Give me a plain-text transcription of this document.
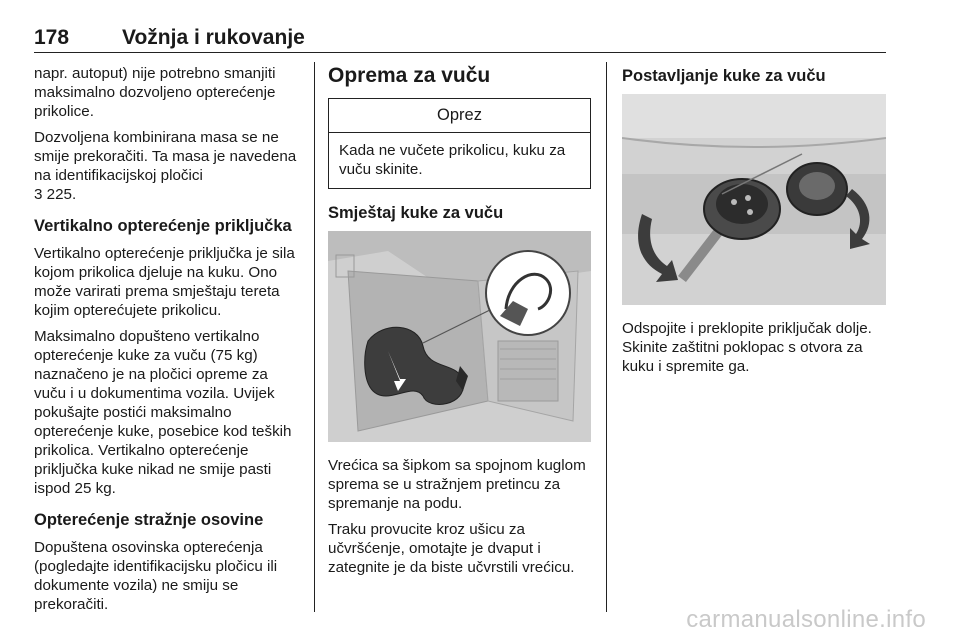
178	Vožnja i rukovanje

napr. autoput) nije potrebno smanjiti maksimalno dozvoljeno opterećenje prikolice.

Dozvoljena kombinirana masa se ne smije prekoračiti. Ta masa je navedena na identifikacijskoj pločici
3 225.

Vertikalno opterećenje priključka

Vertikalno opterećenje priključka je sila kojom prikolica djeluje na kuku. Ono može varirati prema smještaju tereta kojim opterećujete prikolicu.

Maksimalno dopušteno vertikalno opterećenje kuke za vuču (75 kg) naznačeno je na pločici opreme za vuču i u dokumentima vozila. Uvijek pokušajte postići maksimalno opterećenje kuke, posebice kod teških prikolica. Vertikalno opterećenje priključka kuke nikad ne smije pasti ispod 25 kg.

Opterećenje stražnje osovine

Dopuštena osovinska opterećenja (pogledajte identifikacijsku pločicu ili dokumente vozila) ne smiju se prekoračiti.

Oprema za vuču
Oprez
Kada ne vučete prikolicu, kuku za vuču skinite.
Smještaj kuke za vuču

Vrećica sa šipkom sa spojnom kuglom sprema se u stražnjem pretincu za spremanje na podu.

Traku provucite kroz ušicu za učvršćenje, omotajte je dvaput i zategnite je da biste učvrstili vrećicu.

Postavljanje kuke za vuču

Odspojite i preklopite priključak dolje. Skinite zaštitni poklopac s otvora za kuku i spremite ga.

carmanualsonline.info
